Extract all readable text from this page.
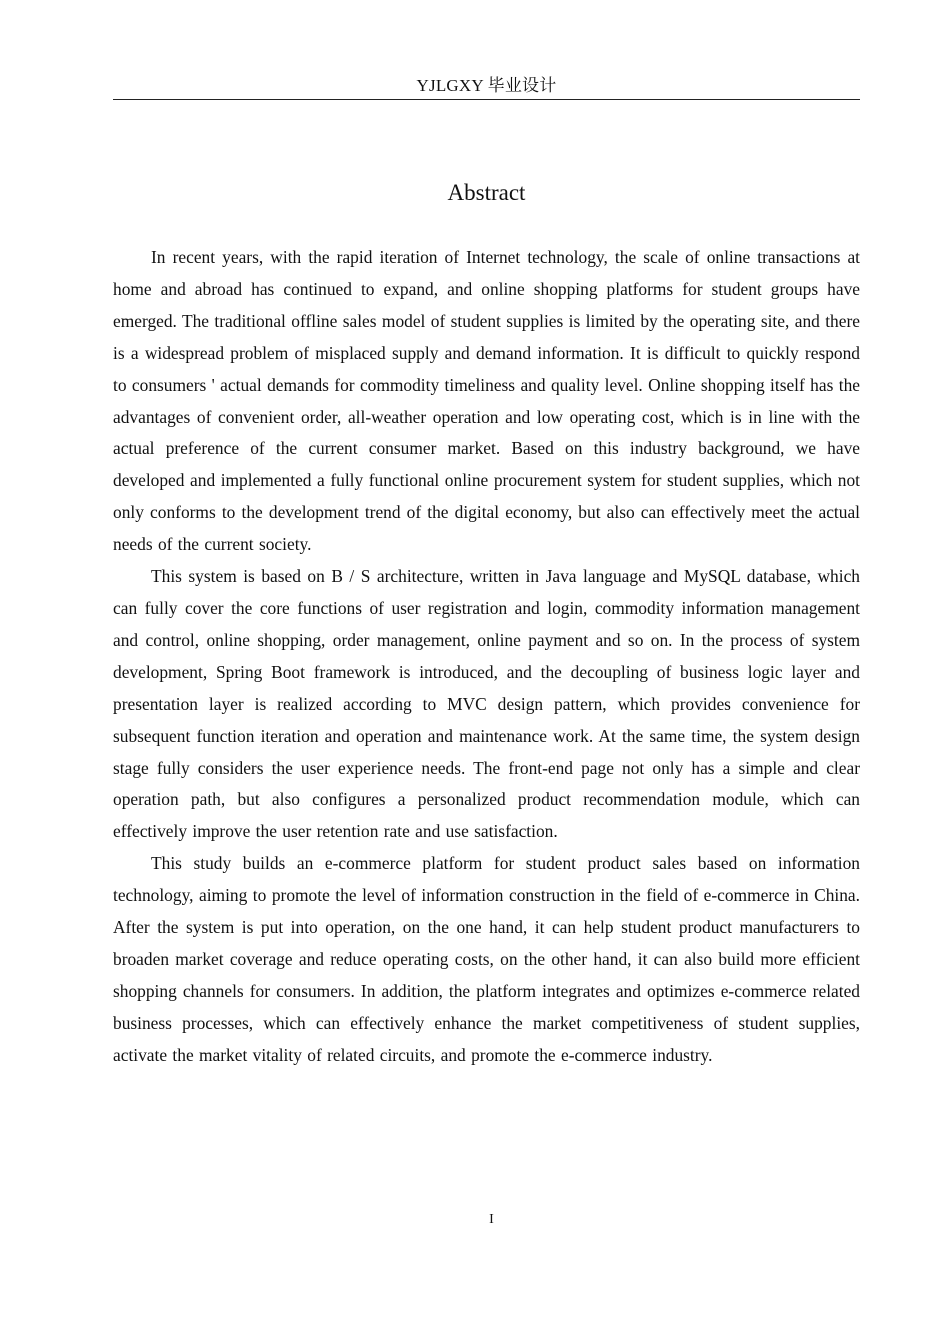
YJLGXY 毕业设计
Abstract

In recent years, with the rapid iteration of Internet technology, the scale of online transactions at home and abroad has continued to expand, and online shopping platforms for student groups have emerged. The traditional offline sales model of student supplies is limited by the operating site, and there is a widespread problem of misplaced supply and demand information. It is difficult to quickly respond to consumers ' actual demands for commodity timeliness and quality level. Online shopping itself has the advantages of convenient order, all-weather operation and low operating cost, which is in line with the actual preference of the current consumer market. Based on this industry background, we have developed and implemented a fully functional online procurement system for student supplies, which not only conforms to the development trend of the digital economy, but also can effectively meet the actual needs of the current society.

This system is based on B / S architecture, written in Java language and MySQL database, which can fully cover the core functions of user registration and login, commodity information management and control, online shopping, order management, online payment and so on. In the process of system development, Spring Boot framework is introduced, and the decoupling of business logic layer and presentation layer is realized according to MVC design pattern, which provides convenience for subsequent function iteration and operation and maintenance work. At the same time, the system design stage fully considers the user experience needs. The front-end page not only has a simple and clear operation path, but also configures a personalized product recommendation module, which can effectively improve the user retention rate and use satisfaction.

This study builds an e-commerce platform for student product sales based on information technology, aiming to promote the level of information construction in the field of e-commerce in China. After the system is put into operation, on the one hand, it can help student product manufacturers to broaden market coverage and reduce operating costs, on the other hand, it can also build more efficient shopping channels for consumers. In addition, the platform integrates and optimizes e-commerce related business processes, which can effectively enhance the market competitiveness of student supplies, activate the market vitality of related circuits, and promote the e-commerce industry.

I
